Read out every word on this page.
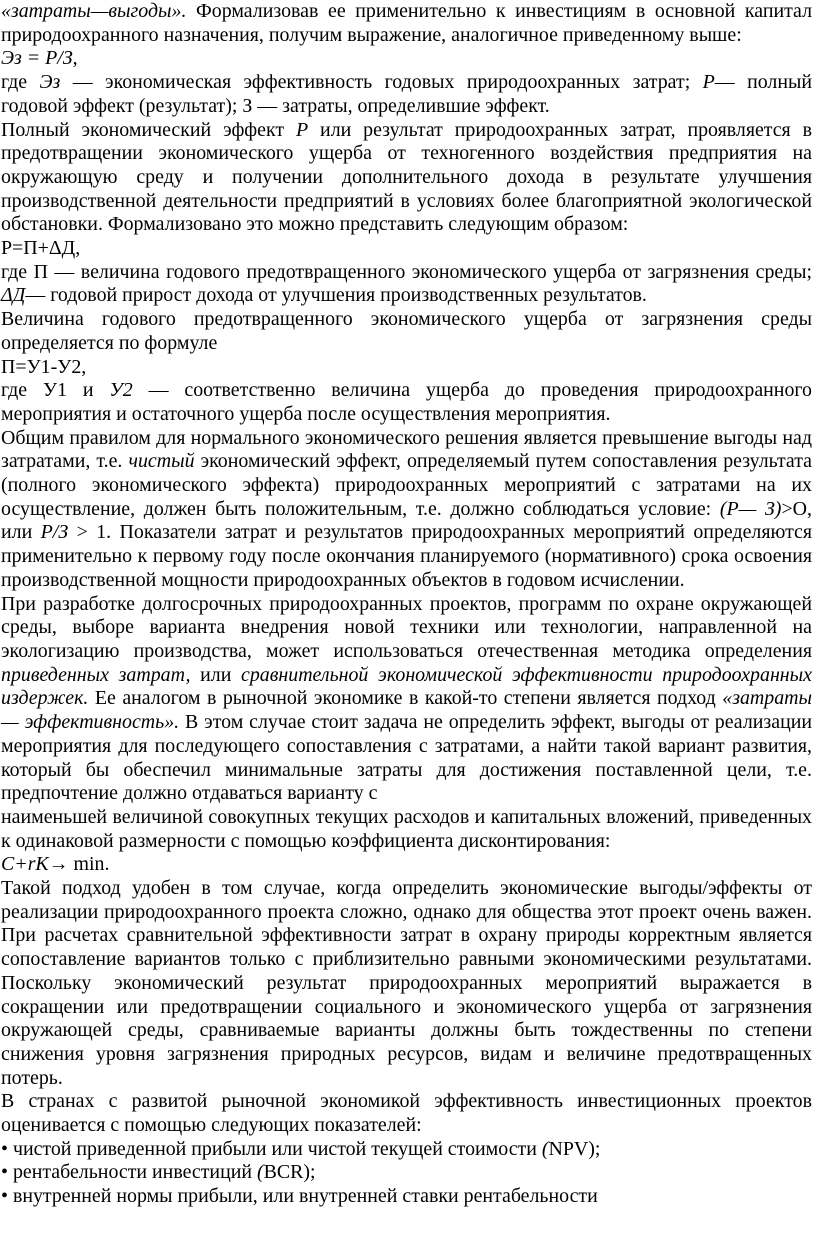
«затраты—выгоды». Формализовав ее применительно к инвестициям в основной капитал природоохранного назначения, получим выражение, аналогичное приведенному выше:

Эз = Р/З,

где Эз — экономическая эффективность годовых природоохранных затрат; Р— полный годовой эффект (результат); З — затраты, определившие эффект.

Полный экономический эффект Р или результат природоохранных затрат, проявляется в предотвращении экономического ущерба от техногенного воздействия предприятия на окружающую среду и получении дополнительного дохода в результате улучшения производственной деятельности предприятий в условиях более благоприятной экологической обстановки. Формализовано это можно представить следующим образом:

Р=П+ΔД,

где П — величина годового предотвращенного экономического ущерба от загрязнения среды; ΔД— годовой прирост дохода от улучшения производственных результатов.

Величина годового предотвращенного экономического ущерба от загрязнения среды определяется по формуле

П=У1-У2,

где У1 и У2 — соответственно величина ущерба до проведения природоохранного мероприятия и остаточного ущерба после осуществления мероприятия.

Общим правилом для нормального экономического решения является превышение выгоды над затратами, т.е. чистый экономический эффект, определяемый путем сопоставления результата (полного экономического эффекта) природоохранных мероприятий с затратами на их осуществление, должен быть положительным, т.е. должно соблюдаться условие: (Р— З)>О, или Р/З > 1. Показатели затрат и результатов природоохранных мероприятий определяются применительно к первому году после окончания планируемого (нормативного) срока освоения производственной мощности природоохранных объектов в годовом исчислении.

При разработке долгосрочных природоохранных проектов, программ по охране окружающей среды, выборе варианта внедрения новой техники или технологии, направленной на экологизацию производства, может использоваться отечественная методика определения приведенных затрат, или сравнительной экономической эффективности природоохранных издержек. Ее аналогом в рыночной экономике в какой-то степени является подход «затраты — эффективность». В этом случае стоит задача не определить эффект, выгоды от реализации мероприятия для последующего сопоставления с затратами, а найти такой вариант развития, который бы обеспечил минимальные затраты для достижения поставленной цели, т.е. предпочтение должно отдаваться варианту с

наименьшей величиной совокупных текущих расходов и капитальных вложений, приведенных к одинаковой размерности с помощью коэффициента дисконтирования:

С+rК→ min.

Такой подход удобен в том случае, когда определить экономические выгоды/эффекты от реализации природоохранного проекта сложно, однако для общества этот проект очень важен. При расчетах сравнительной эффективности затрат в охрану природы корректным является сопоставление вариантов только с приблизительно равными экономическими результатами. Поскольку экономический результат природоохранных мероприятий выражается в сокращении или предотвращении социального и экономического ущерба от загрязнения окружающей среды, сравниваемые варианты должны быть тождественны по степени снижения уровня загрязнения природных ресурсов, видам и величине предотвращенных потерь.

В странах с развитой рыночной экономикой эффективность инвестиционных проектов оценивается с помощью следующих показателей:

• чистой приведенной прибыли или чистой текущей стоимости (NPV);
• рентабельности инвестиций (BCR);
• внутренней нормы прибыли, или внутренней ставки рентабельности
